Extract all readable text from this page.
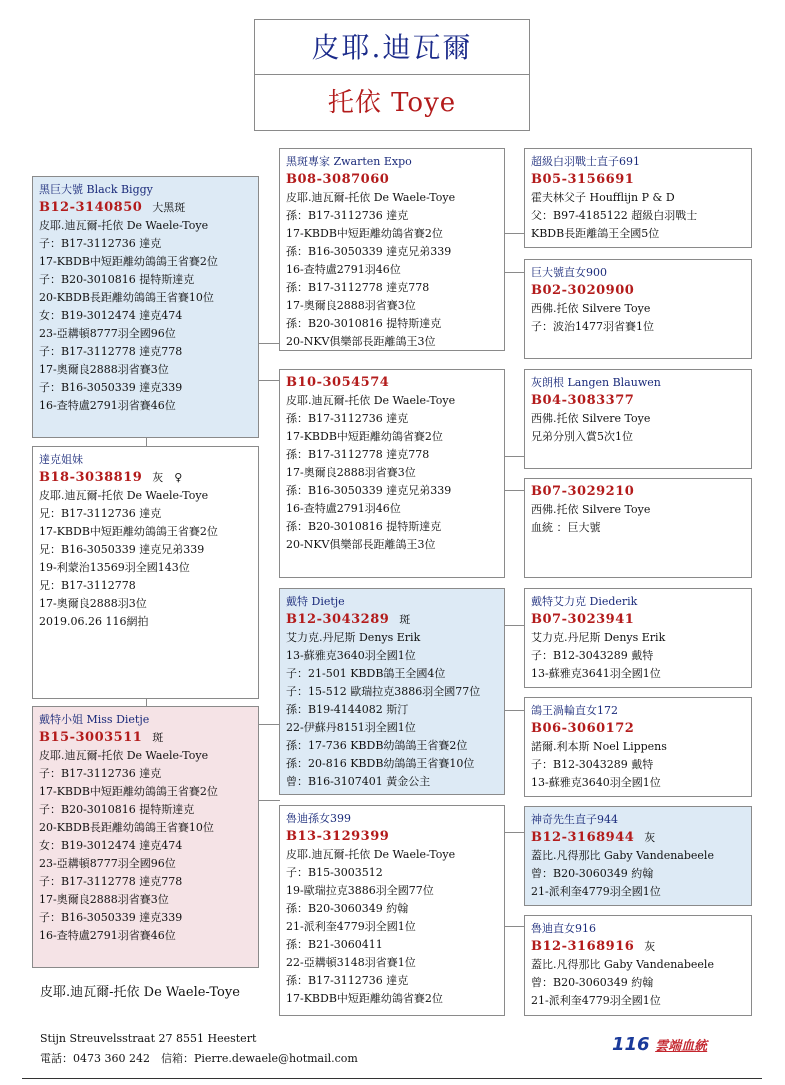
皮耶.迪瓦爾
托依 Toye
黑巨大號 Black Biggy
B12-3140850 大黑斑
皮耶.迪瓦爾-托依 De Waele-Toye
子：B17-3112736 達克
17-KBDB中短距離幼鴿鴿王省賽2位
子：B20-3010816 提特斯達克
20-KBDB長距離幼鴿鴿王省賽10位
女：B19-3012474 達克474
23-亞耩頓8777羽全國96位
子：B17-3112778 達克778
17-奧爾良2888羽省賽3位
子：B16-3050339 達克339
16-查特盧2791羽省賽46位
達克姐妹
B18-3038819 灰　♀
皮耶.迪瓦爾-托依 De Waele-Toye
兄：B17-3112736 達克
17-KBDB中短距離幼鴿鴿王省賽2位
兄：B16-3050339 達克兄弟339
19-利蒙治13569羽全國143位
兄：B17-3112778
17-奧爾良2888羽3位
2019.06.26 116網拍
戴特小姐 Miss Dietje
B15-3003511 斑
皮耶.迪瓦爾-托依 De Waele-Toye
子：B17-3112736 達克
17-KBDB中短距離幼鴿鴿王省賽2位
子：B20-3010816 提特斯達克
20-KBDB長距離幼鴿鴿王省賽10位
女：B19-3012474 達克474
23-亞耩頓8777羽全國96位
子：B17-3112778 達克778
17-奧爾良2888羽省賽3位
子：B16-3050339 達克339
16-查特盧2791羽省賽46位
黑斑專家 Zwarten Expo
B08-3087060
皮耶.迪瓦爾-托依 De Waele-Toye
孫：B17-3112736 達克
17-KBDB中短距離幼鴿省賽2位
孫：B16-3050339 達克兄弟339
16-查特盧2791羽46位
孫：B17-3112778 達克778
17-奧爾良2888羽省賽3位
孫：B20-3010816 提特斯達克
20-NKV俱樂部長距離鴿王3位
B10-3054574
皮耶.迪瓦爾-托依 De Waele-Toye
孫：B17-3112736 達克
17-KBDB中短距離幼鴿省賽2位
孫：B17-3112778 達克778
17-奧爾良2888羽省賽3位
孫：B16-3050339 達克兄弟339
16-查特盧2791羽46位
孫：B20-3010816 提特斯達克
20-NKV俱樂部長距離鴿王3位
戴特 Dietje
B12-3043289 斑
艾力克.丹尼斯 Denys Erik
13-蘇雅克3640羽全國1位
子：21-501 KBDB鴿王全國4位
子：15-512 歐瑞拉克3886羽全國77位
孫：B19-4144082 斯汀
22-伊蘇丹8151羽全國1位
孫：17-736 KBDB幼鴿鴿王省賽2位
孫：20-816 KBDB幼鴿鴿王省賽10位
曾：B16-3107401 黃金公主
魯迪孫女399
B13-3129399
皮耶.迪瓦爾-托依 De Waele-Toye
子：B15-3003512
19-歐瑞拉克3886羽全國77位
孫：B20-3060349 約翰
21-派利奎4779羽全國1位
孫：B21-3060411
22-亞耩頓3148羽省賽1位
孫：B17-3112736 達克
17-KBDB中短距離幼鴿省賽2位
超級白羽戰士直子691
B05-3156691
霍夫林父子 Houfflijn P & D
父：B97-4185122 超級白羽戰士
KBDB長距離鴿王全國5位
巨大號直女900
B02-3020900
西佛.托依 Silvere Toye
子：波治1477羽省賽1位
灰朗根 Langen Blauwen
B04-3083377
西佛.托依 Silvere Toye
兄弟分別入賞5次1位
B07-3029210
西佛.托依 Silvere Toye
血統 ：巨大號
戴特艾力克 Diederik
B07-3023941
艾力克.丹尼斯 Denys Erik
子：B12-3043289 戴特
13-蘇雅克3641羽全國1位
鴿王渦輪直女172
B06-3060172
諾爾.利本斯 Noel Lippens
子：B12-3043289 戴特
13-蘇雅克3640羽全國1位
神奇先生直子944
B12-3168944 灰
蓋比.凡得那比 Gaby Vandenabeele
曾：B20-3060349 約翰
21-派利奎4779羽全國1位
魯迪直女916
B12-3168916 灰
蓋比.凡得那比 Gaby Vandenabeele
曾：B20-3060349 約翰
21-派利奎4779羽全國1位
皮耶.迪瓦爾-托依 De Waele-Toye
Stijn Streuvelsstraat 27 8551 Heestert
電話：0473 360 242　信箱：Pierre.dewaele@hotmail.com
116 雲端血統
